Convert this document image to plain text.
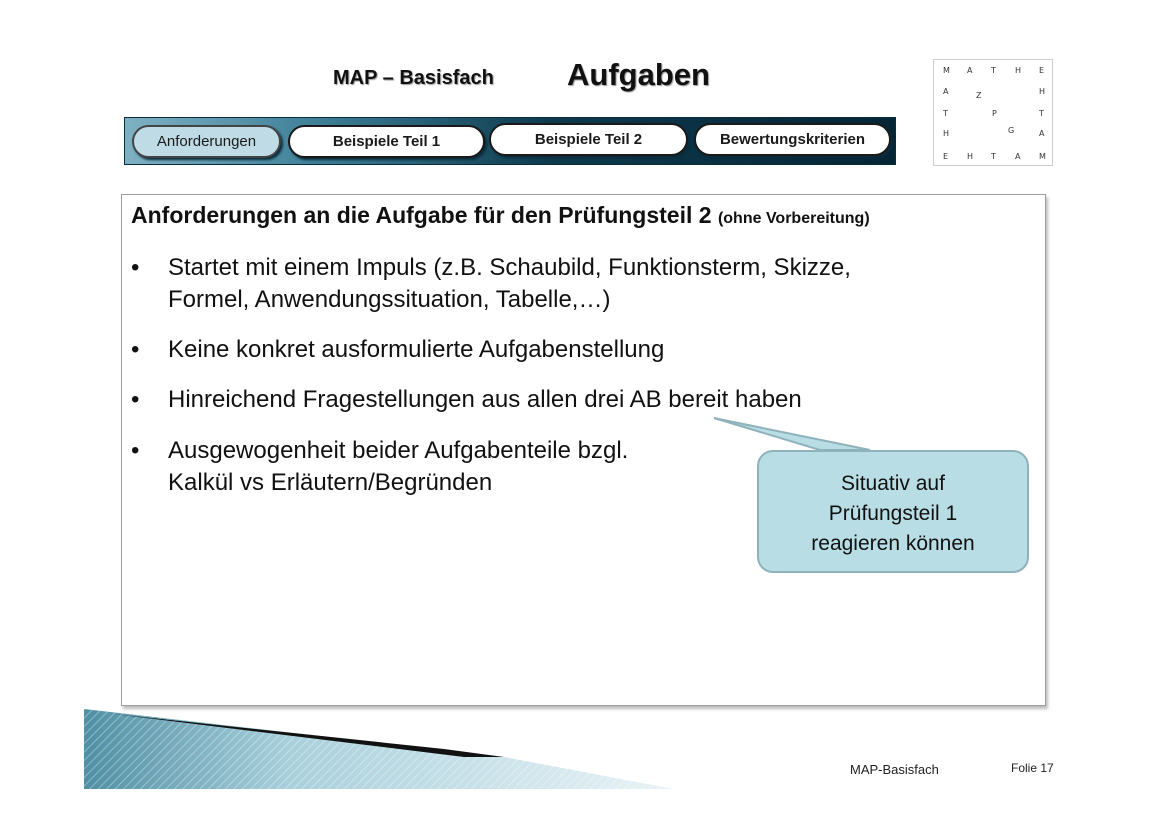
MAP – Basisfach Aufgaben
Anforderungen	Beispiele Teil 1	Beispiele Teil 2	Bewertungskriterien
M A T H E
A	Z	H
T	P	T
H	G	A
E H T A M
Anforderungen an die Aufgabe für den Prüfungsteil 2 (ohne Vorbereitung)
• Startet mit einem Impuls (z.B. Schaubild, Funktionsterm, Skizze,
Formel, Anwendungssituation, Tabelle,…)
• Keine konkret ausformulierte Aufgabenstellung
• Hinreichend Fragestellungen aus allen drei AB bereit haben
• Ausgewogenheit beider Aufgabenteile bzgl.
Kalkül vs Erläutern/Begründen	Situativ auf
Prüfungsteil 1
reagieren können
MAP-Basisfach	Folie 17
